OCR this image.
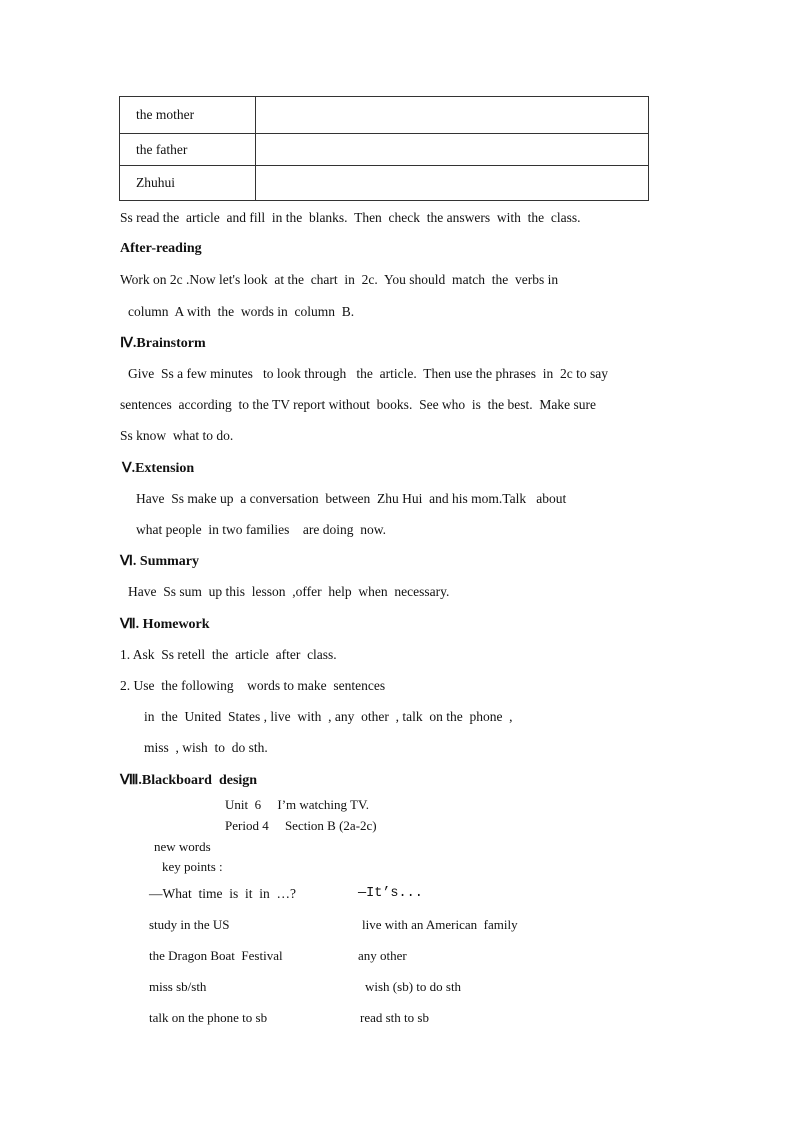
the mother	
the father	
Zhuhui	
Ss read the  article  and fill  in the  blanks.  Then  check  the answers  with  the  class.
After-reading
Work on 2c .Now let's look  at the  chart  in  2c.  You should  match  the  verbs in
column  A with  the  words in  column  B.
Ⅳ.Brainstorm
Give  Ss a few minutes   to look through   the  article.  Then use the phrases  in  2c to say
sentences  according  to the TV report without  books.  See who  is  the best.  Make sure
Ss know  what to do.
Ⅴ.Extension
Have  Ss make up  a conversation  between  Zhu Hui  and his mom.Talk   about
what people  in two families    are doing  now.
Ⅵ. Summary
Have  Ss sum  up this  lesson  ,offer  help  when  necessary.
Ⅶ. Homework
1. Ask  Ss retell  the  article  after  class.
2. Use  the following    words to make  sentences
in  the  United  States , live  with  , any  other  , talk  on the  phone  ,
miss  , wish  to  do sth.
Ⅷ.Blackboard  design
Unit  6     I’m watching TV.
Period 4     Section B (2a-2c)
new words
key points :
—What  time  is  it  in  …?	—It’s...
study in the US	live with an American  family
the Dragon Boat  Festival	any other
miss sb/sth	wish (sb) to do sth
talk on the phone to sb	read sth to sb
